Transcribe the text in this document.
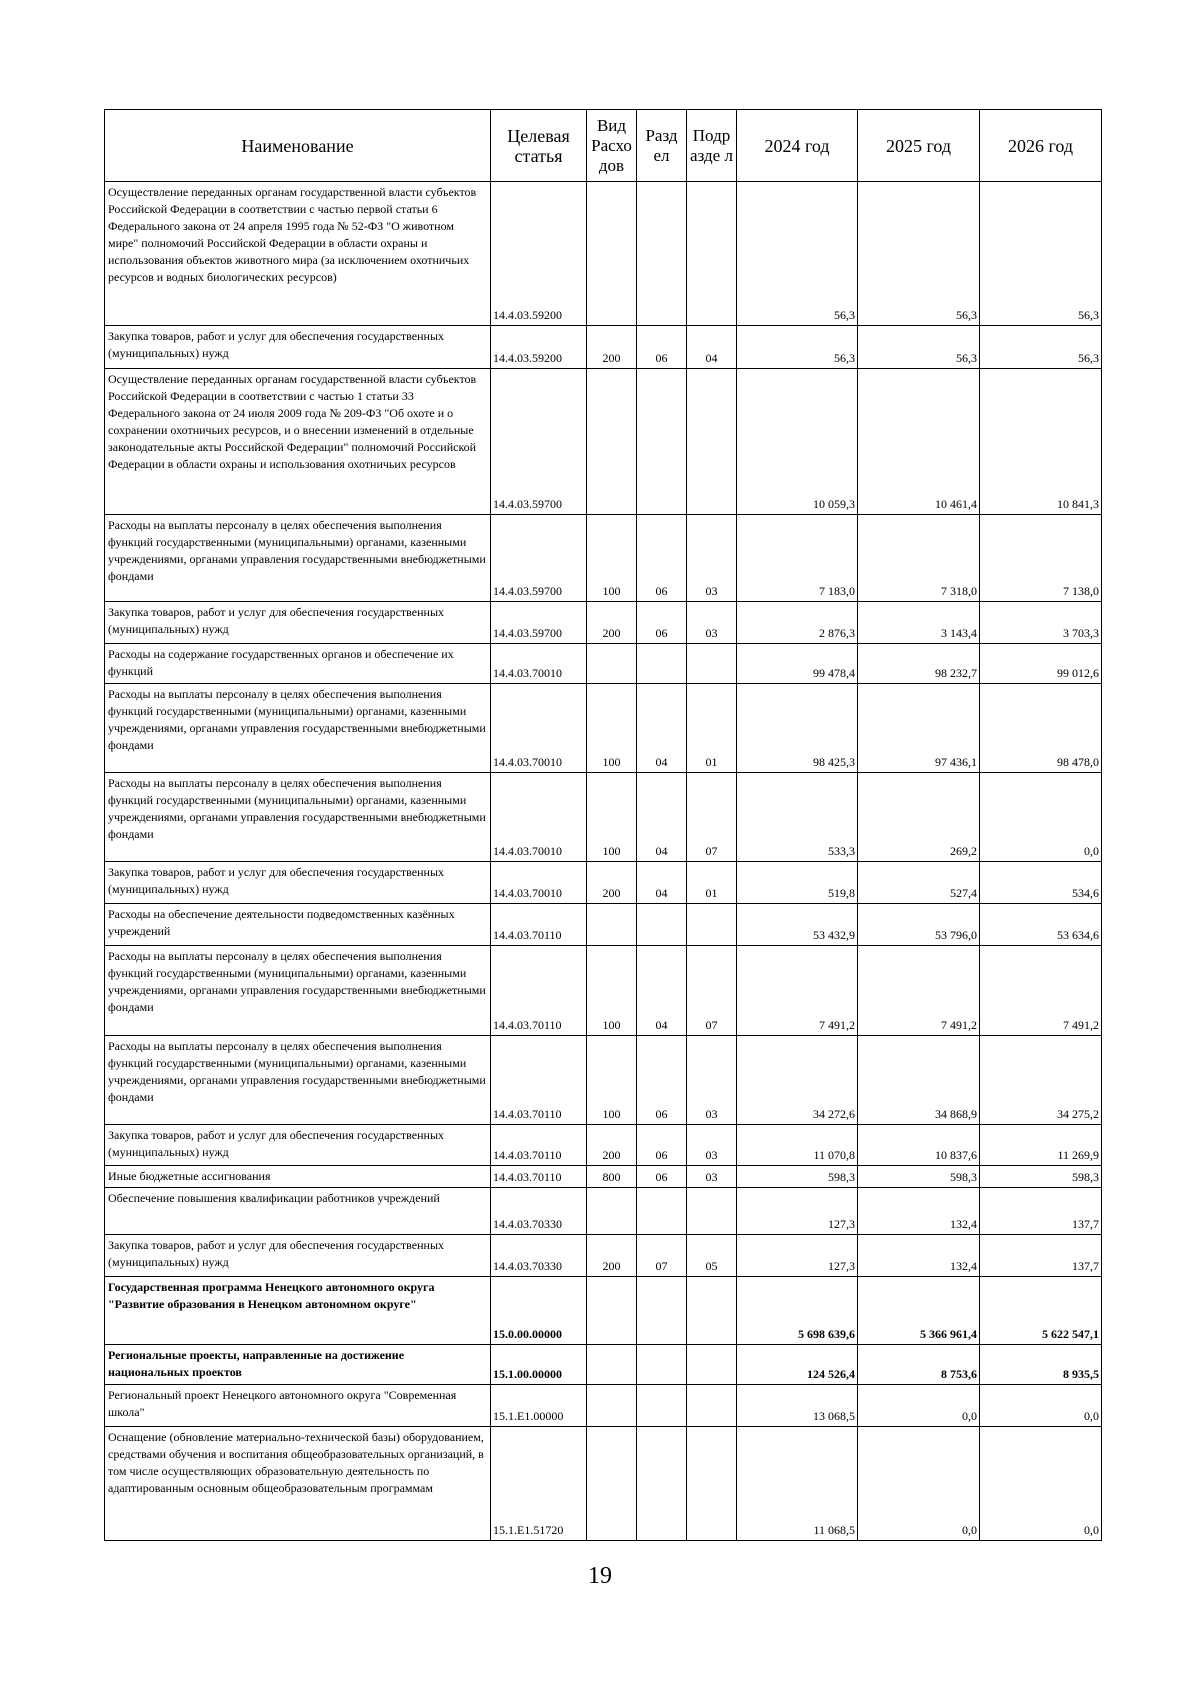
Наименование	Целевая статья	Вид Расхо дов	Разд ел	Подр азде л	2024 год	2025 год	2026 год
Осуществление переданных органам государственной власти субъектов Российской Федерации в соответствии с частью первой статьи 6 Федерального закона от 24 апреля 1995 года № 52-ФЗ "О животном мире" полномочий Российской Федерации в области охраны и использования объектов животного мира (за исключением охотничьих ресурсов и водных биологических ресурсов)	14.4.03.59200				56,3	56,3	56,3
Закупка товаров, работ и услуг для обеспечения государственных (муниципальных) нужд	14.4.03.59200	200	06	04	56,3	56,3	56,3
Осуществление переданных органам государственной власти субъектов Российской Федерации в соответствии с частью 1 статьи 33 Федерального закона от 24 июля 2009 года № 209-ФЗ "Об охоте и о сохранении охотничьих ресурсов, и о внесении изменений в отдельные законодательные акты Российской Федерации" полномочий Российской Федерации в области охраны и использования охотничьих ресурсов	14.4.03.59700				10 059,3	10 461,4	10 841,3
Расходы на выплаты персоналу в целях обеспечения выполнения функций государственными (муниципальными) органами, казенными учреждениями, органами управления государственными внебюджетными фондами	14.4.03.59700	100	06	03	7 183,0	7 318,0	7 138,0
Закупка товаров, работ и услуг для обеспечения государственных (муниципальных) нужд	14.4.03.59700	200	06	03	2 876,3	3 143,4	3 703,3
Расходы на содержание государственных органов и обеспечение их функций	14.4.03.70010				99 478,4	98 232,7	99 012,6
Расходы на выплаты персоналу в целях обеспечения выполнения функций государственными (муниципальными) органами, казенными учреждениями, органами управления государственными внебюджетными фондами	14.4.03.70010	100	04	01	98 425,3	97 436,1	98 478,0
Расходы на выплаты персоналу в целях обеспечения выполнения функций государственными (муниципальными) органами, казенными учреждениями, органами управления государственными внебюджетными фондами	14.4.03.70010	100	04	07	533,3	269,2	0,0
Закупка товаров, работ и услуг для обеспечения государственных (муниципальных) нужд	14.4.03.70010	200	04	01	519,8	527,4	534,6
Расходы на обеспечение деятельности подведомственных казённых учреждений	14.4.03.70110				53 432,9	53 796,0	53 634,6
Расходы на выплаты персоналу в целях обеспечения выполнения функций государственными (муниципальными) органами, казенными учреждениями, органами управления государственными внебюджетными фондами	14.4.03.70110	100	04	07	7 491,2	7 491,2	7 491,2
Расходы на выплаты персоналу в целях обеспечения выполнения функций государственными (муниципальными) органами, казенными учреждениями, органами управления государственными внебюджетными фондами	14.4.03.70110	100	06	03	34 272,6	34 868,9	34 275,2
Закупка товаров, работ и услуг для обеспечения государственных (муниципальных) нужд	14.4.03.70110	200	06	03	11 070,8	10 837,6	11 269,9
Иные бюджетные ассигнования	14.4.03.70110	800	06	03	598,3	598,3	598,3
Обеспечение повышения квалификации работников учреждений	14.4.03.70330				127,3	132,4	137,7
Закупка товаров, работ и услуг для обеспечения государственных (муниципальных) нужд	14.4.03.70330	200	07	05	127,3	132,4	137,7
Государственная программа Ненецкого автономного округа "Развитие образования в Ненецком автономном округе"	15.0.00.00000				5 698 639,6	5 366 961,4	5 622 547,1
Региональные проекты, направленные на достижение национальных проектов	15.1.00.00000				124 526,4	8 753,6	8 935,5
Региональный проект Ненецкого автономного округа "Современная школа"	15.1.E1.00000				13 068,5	0,0	0,0
Оснащение (обновление материально-технической базы) оборудованием, средствами обучения и воспитания общеобразовательных организаций, в том числе осуществляющих образовательную деятельность по адаптированным основным общеобразовательным программам	15.1.E1.51720				11 068,5	0,0	0,0
19
